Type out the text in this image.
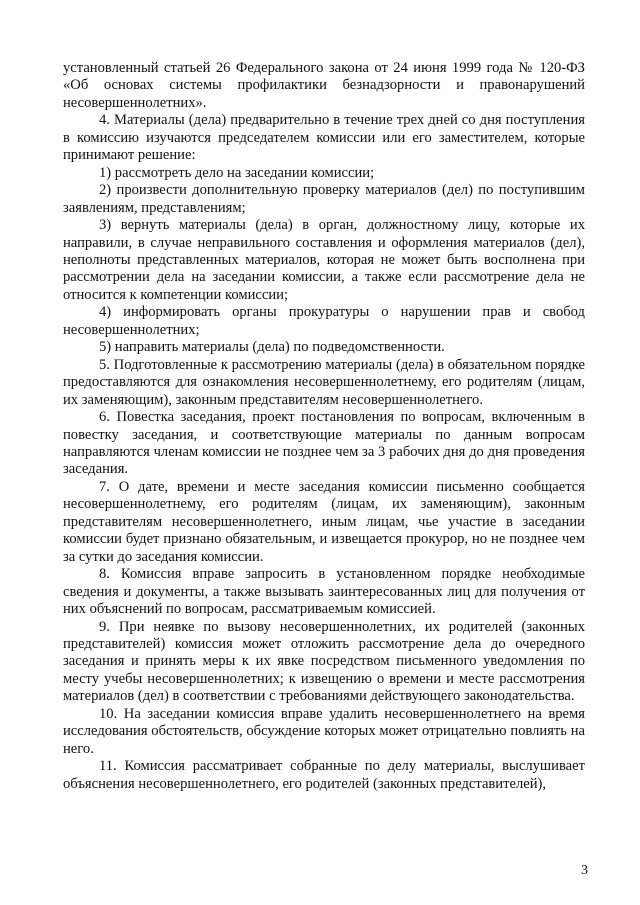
установленный статьей 26 Федерального закона от 24 июня 1999 года № 120-ФЗ «Об основах системы профилактики безнадзорности и правонарушений несовершеннолетних».

4. Материалы (дела) предварительно в течение трех дней со дня поступления в комиссию изучаются председателем комиссии или его заместителем, которые принимают решение:

1) рассмотреть дело на заседании комиссии;

2) произвести дополнительную проверку материалов (дел) по поступившим заявлениям, представлениям;

3) вернуть материалы (дела) в орган, должностному лицу, которые их направили, в случае неправильного составления и оформления материалов (дел), неполноты представленных материалов, которая не может быть восполнена при рассмотрении дела на заседании комиссии, а также если рассмотрение дела не относится к компетенции комиссии;

4) информировать органы прокуратуры о нарушении прав и свобод несовершеннолетних;

5) направить материалы (дела) по подведомственности.

5. Подготовленные к рассмотрению материалы (дела) в обязательном порядке предоставляются для ознакомления несовершеннолетнему, его родителям (лицам, их заменяющим), законным представителям несовершеннолетнего.

6. Повестка заседания, проект постановления по вопросам, включенным в повестку заседания, и соответствующие материалы по данным вопросам направляются членам комиссии не позднее чем за 3 рабочих дня до дня проведения заседания.

7. О дате, времени и месте заседания комиссии письменно сообщается несовершеннолетнему, его родителям (лицам, их заменяющим), законным представителям несовершеннолетнего, иным лицам, чье участие в заседании комиссии будет признано обязательным, и извещается прокурор, но не позднее чем за сутки до заседания комиссии.

8. Комиссия вправе запросить в установленном порядке необходимые сведения и документы, а также вызывать заинтересованных лиц для получения от них объяснений по вопросам, рассматриваемым комиссией.

9. При неявке по вызову несовершеннолетних, их родителей (законных представителей) комиссия может отложить рассмотрение дела до очередного заседания и принять меры к их явке посредством письменного уведомления по месту учебы несовершеннолетних; к извещению о времени и месте рассмотрения материалов (дел) в соответствии с требованиями действующего законодательства.

10. На заседании комиссия вправе удалить несовершеннолетнего на время исследования обстоятельств, обсуждение которых может отрицательно повлиять на него.

11. Комиссия рассматривает собранные по делу материалы, выслушивает объяснения несовершеннолетнего, его родителей (законных представителей),

3
